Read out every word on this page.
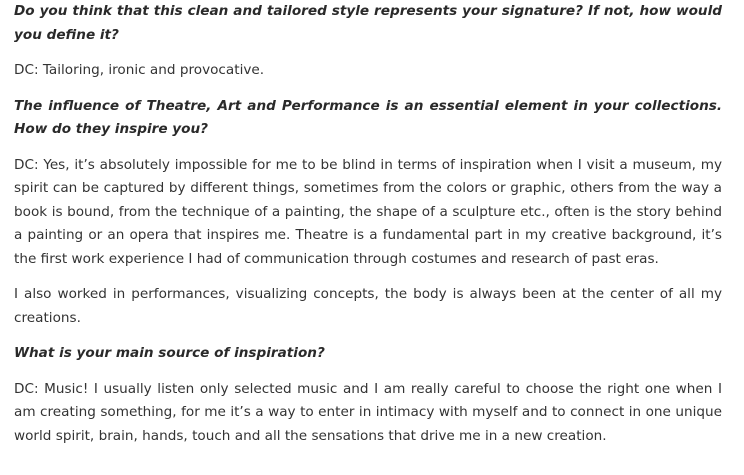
Do you think that this clean and tailored style represents your signature? If not, how would you define it?

DC: Tailoring, ironic and provocative.

The influence of Theatre, Art and Performance is an essential element in your collections. How do they inspire you?

DC: Yes, it’s absolutely impossible for me to be blind in terms of inspiration when I visit a museum, my spirit can be captured by different things, sometimes from the colors or graphic, others from the way a book is bound, from the technique of a painting, the shape of a sculpture etc., often is the story behind a painting or an opera that inspires me. Theatre is a fundamental part in my creative background, it’s the first work experience I had of communication through costumes and research of past eras.

I also worked in performances, visualizing concepts, the body is always been at the center of all my creations.

What is your main source of inspiration?

DC: Music! I usually listen only selected music and I am really careful to choose the right one when I am creating something, for me it’s a way to enter in intimacy with myself and to connect in one unique world spirit, brain, hands, touch and all the sensations that drive me in a new creation.
